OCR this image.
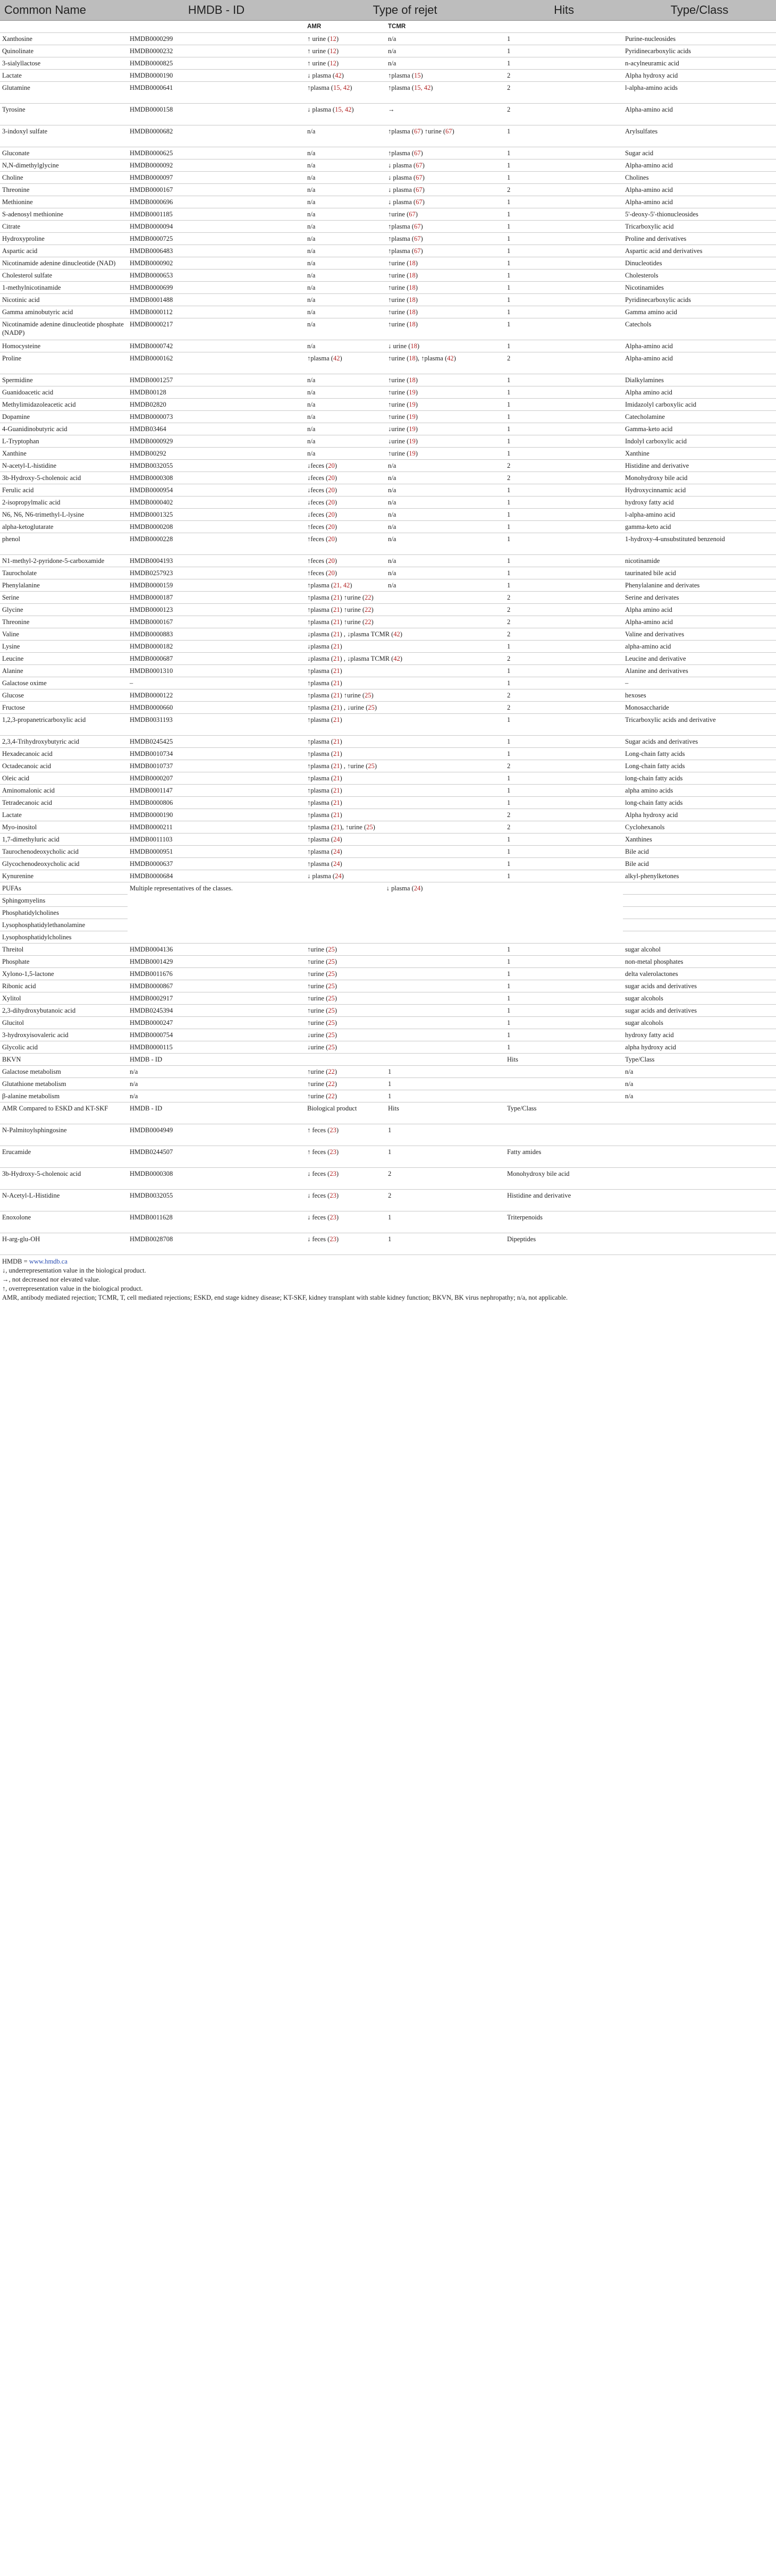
Common Name	HMDB - ID	Type of rejet		Hits	Type/Class
		AMR	TCMR		
Xanthosine	HMDB0000299	↑ urine (12)	n/a	1	Purine-nucleosides
Quinolinate	HMDB0000232	↑ urine (12)	n/a	1	Pyridinecarboxylic acids
3-sialyllactose	HMDB0000825	↑ urine (12)	n/a	1	n-acylneuramic acid
Lactate	HMDB0000190	↓ plasma (42)	↑plasma (15)	2	Alpha hydroxy acid
Glutamine	HMDB0000641	↑plasma (15, 42)	↑plasma (15, 42)	2	l-alpha-amino acids
Tyrosine	HMDB0000158	↓ plasma (15, 42)	→	2	Alpha-amino acid
3-indoxyl sulfate	HMDB0000682	n/a	↑plasma (67) ↑urine (67)	1	Arylsulfates
Gluconate	HMDB0000625	n/a	↑plasma (67)	1	Sugar acid
N,N-dimethylglycine	HMDB0000092	n/a	↓ plasma (67)	1	Alpha-amino acid
Choline	HMDB0000097	n/a	↓ plasma (67)	1	Cholines
Threonine	HMDB0000167	n/a	↓ plasma (67)	2	Alpha-amino acid
Methionine	HMDB0000696	n/a	↓ plasma (67)	1	Alpha-amino acid
S-adenosyl methionine	HMDB0001185	n/a	↑urine (67)	1	5'-deoxy-5'-thionucleosides
Citrate	HMDB0000094	n/a	↑plasma (67)	1	Tricarboxylic acid
Hydroxyproline	HMDB0000725	n/a	↑plasma (67)	1	Proline and derivatives
Aspartic acid	HMDB0006483	n/a	↑plasma (67)	1	Aspartic acid and derivatives
Nicotinamide adenine dinucleotide (NAD)	HMDB0000902	n/a	↑urine (18)	1	Dinucleotides
Cholesterol sulfate	HMDB0000653	n/a	↑urine (18)	1	Cholesterols
1-methylnicotinamide	HMDB0000699	n/a	↑urine (18)	1	Nicotinamides
Nicotinic acid	HMDB0001488	n/a	↑urine (18)	1	Pyridinecarboxylic acids
Gamma aminobutyric acid	HMDB0000112	n/a	↑urine (18)	1	Gamma amino acid
Nicotinamide adenine dinucleotide phosphate (NADP)	HMDB0000217	n/a	↑urine (18)	1	Catechols
Homocysteine	HMDB0000742	n/a	↓ urine (18)	1	Alpha-amino acid
Proline	HMDB0000162	↑plasma (42)	↑urine (18), ↑plasma (42)	2	Alpha-amino acid
Spermidine	HMDB0001257	n/a	↑urine (18)	1	Dialkylamines
Guanidoacetic acid	HMDB00128	n/a	↑urine (19)	1	Alpha amino acid
Methylimidazoleacetic acid	HMDB02820	n/a	↑urine (19)	1	Imidazolyl carboxylic acid
Dopamine	HMDB0000073	n/a	↑urine (19)	1	Catecholamine
4-Guanidinobutyric acid	HMDB03464	n/a	↓urine (19)	1	Gamma-keto acid
L-Tryptophan	HMDB0000929	n/a	↓urine (19)	1	Indolyl carboxylic acid
Xanthine	HMDB00292	n/a	↑urine (19)	1	Xanthine
N-acetyl-L-histidine	HMDB0032055	↓feces (20)	n/a	2	Histidine and derivative
3b-Hydroxy-5-cholenoic acid	HMDB0000308	↓feces (20)	n/a	2	Monohydroxy bile acid
Ferulic acid	HMDB0000954	↓feces (20)	n/a	1	Hydroxycinnamic acid
2-isopropylmalic acid	HMDB0000402	↓feces (20)	n/a	1	hydroxy fatty acid
N6, N6, N6-trimethyl-L-lysine	HMDB0001325	↓feces (20)	n/a	1	l-alpha-amino acid
alpha-ketoglutarate	HMDB0000208	↑feces (20)	n/a	1	gamma-keto acid
phenol	HMDB0000228	↑feces (20)	n/a	1	1-hydroxy-4-unsubstituted benzenoid
N1-methyl-2-pyridone-5-carboxamide	HMDB0004193	↑feces (20)	n/a	1	nicotinamide
Taurocholate	HMDB0257923	↑feces (20)	n/a	1	taurinated bile acid
Phenylalanine	HMDB0000159	↑plasma (21, 42)	n/a	1	Phenylalanine and derivates
Serine	HMDB0000187	↑plasma (21) ↑urine (22)		2	Serine and derivates
Glycine	HMDB0000123	↑plasma (21) ↑urine (22)		2	Alpha amino acid
Threonine	HMDB0000167	↑plasma (21) ↑urine (22)		2	Alpha-amino acid
Valine	HMDB0000883	↓plasma (21) , ↓plasma TCMR (42)		2	Valine and derivatives
Lysine	HMDB0000182	↓plasma (21)		1	alpha-amino acid
Leucine	HMDB0000687	↓plasma (21) , ↓plasma TCMR (42)		2	Leucine and derivative
Alanine	HMDB0001310	↑plasma (21)		1	Alanine and derivatives
Galactose oxime	–	↑plasma (21)		1	–
Glucose	HMDB0000122	↑plasma (21) ↑urine (25)		2	hexoses
Fructose	HMDB0000660	↑plasma (21) , ↓urine (25)		2	Monosaccharide
1,2,3-propanetricarboxylic acid	HMDB0031193	↑plasma (21)		1	Tricarboxylic acids and derivative
2,3,4-Trihydroxybutyric acid	HMDB0245425	↑plasma (21)		1	Sugar acids and derivatives
Hexadecanoic acid	HMDB0010734	↑plasma (21)		1	Long-chain fatty acids
Octadecanoic acid	HMDB0010737	↑plasma (21) , ↑urine (25)		2	Long-chain fatty acids
Oleic acid	HMDB0000207	↑plasma (21)		1	long-chain fatty acids
Aminomalonic acid	HMDB0001147	↑plasma (21)		1	alpha amino acids
Tetradecanoic acid	HMDB0000806	↑plasma (21)		1	long-chain fatty acids
Lactate	HMDB0000190	↑plasma (21)		2	Alpha hydroxy acid
Myo-inositol	HMDB0000211	↑plasma (21), ↑urine (25)		2	Cyclohexanols
1,7-dimethyluric acid	HMDB0011103	↑plasma (24)		1	Xanthines
Taurochenodeoxycholic acid	HMDB0000951	↑plasma (24)		1	Bile acid
Glycochenodeoxycholic acid	HMDB0000637	↑plasma (24)		1	Bile acid
Kynurenine	HMDB0000684	↓ plasma (24)		1	alkyl-phenylketones
PUFAs	Multiple representatives of the classes.	↓ plasma (24)			
Sphingomyelins					
Phosphatidylcholines					
Lysophosphatidylethanolamine					
Lysophosphatidylcholines					
Threitol	HMDB0004136	↑urine (25)		1	sugar alcohol
Phosphate	HMDB0001429	↑urine (25)		1	non-metal phosphates
Xylono-1,5-lactone	HMDB0011676	↑urine (25)		1	delta valerolactones
Ribonic acid	HMDB0000867	↑urine (25)		1	sugar acids and derivatives
Xylitol	HMDB0002917	↑urine (25)		1	sugar alcohols
2,3-dihydroxybutanoic acid	HMDB0245394	↑urine (25)		1	sugar acids and derivatives
Glucitol	HMDB0000247	↑urine (25)		1	sugar alcohols
3-hydroxyisovaleric acid	HMDB0000754	↓urine (25)		1	hydroxy fatty acid
Glycolic acid	HMDB0000115	↓urine (25)		1	alpha hydroxy acid
BKVN	HMDB - ID			Hits	Type/Class
Galactose metabolism	n/a	↑urine (22)	1		n/a
Glutathione metabolism	n/a	↑urine (22)	1		n/a
β-alanine metabolism	n/a	↑urine (22)	1		n/a
AMR Compared to ESKD and KT-SKF	HMDB - ID	Biological product	Hits	Type/Class	
N-Palmitoylsphingosine	HMDB0004949	↑ feces (23)	1		
Erucamide	HMDB0244507	↑ feces (23)	1	Fatty amides	
3b-Hydroxy-5-cholenoic acid	HMDB0000308	↓ feces (23)	2	Monohydroxy bile acid	
N-Acetyl-L-Histidine	HMDB0032055	↓ feces (23)	2	Histidine and derivative	
Enoxolone	HMDB0011628	↓ feces (23)	1	Triterpenoids	
H-arg-glu-OH	HMDB0028708	↓ feces (23)	1	Dipeptides	
HMDB = www.hmdb.ca
↓, underrepresentation value in the biological product.
→, not decreased nor elevated value.
↑, overrepresentation value in the biological product.
AMR, antibody mediated rejection; TCMR, T, cell mediated rejections; ESKD, end stage kidney disease; KT-SKF, kidney transplant with stable kidney function; BKVN, BK virus nephropathy; n/a, not applicable.
